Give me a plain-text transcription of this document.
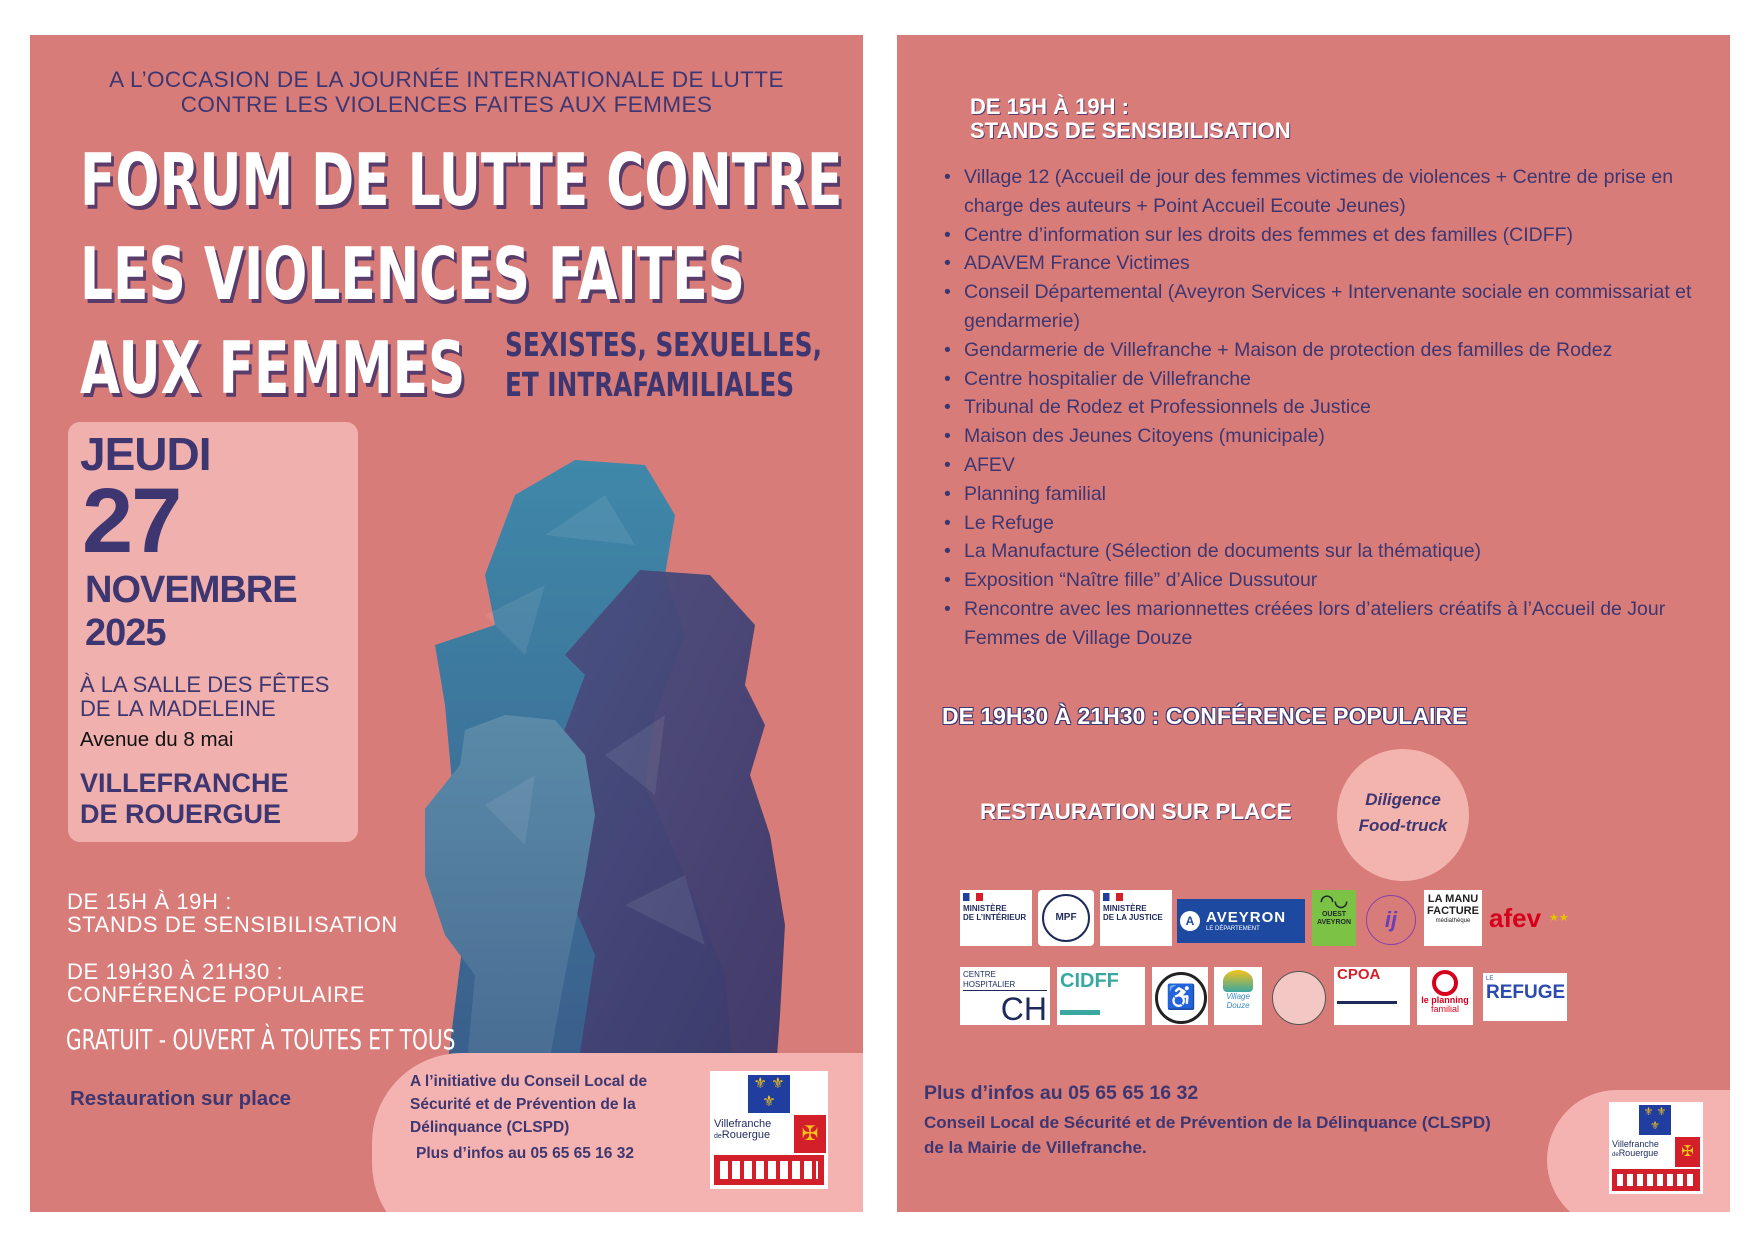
A L’OCCASION DE LA JOURNÉE INTERNATIONALE DE LUTTE
CONTRE LES VIOLENCES FAITES AUX FEMMES
FORUM DE LUTTE CONTRE
LES VIOLENCES FAITES
AUX FEMMES	SEXISTES, SEXUELLES,
ET INTRAFAMILIALES
JEUDI
27
NOVEMBRE
2025
À LA SALLE DES FÊTES
DE LA MADELEINE
Avenue du 8 mai
VILLEFRANCHE
DE ROUERGUE
DE 15H À 19H :
STANDS DE SENSIBILISATION
DE 19H30 À 21H30 :
CONFÉRENCE POPULAIRE
GRATUIT - OUVERT À TOUTES ET TOUS
Restauration sur place
A l’initiative du Conseil Local de Sécurité et de Prévention de la Délinquance (CLSPD)
Plus d’infos au 05 65 65 16 32
⚜ ⚜
⚜
✠
Villefranche
deRouergue
DE 15H À 19H :
STANDS DE SENSIBILISATION
• Village 12 (Accueil de jour des femmes victimes de violences + Centre de prise en charge des auteurs + Point Accueil Ecoute Jeunes)
• Centre d’information sur les droits des femmes et des familles (CIDFF)
• ADAVEM France Victimes
• Conseil Départemental (Aveyron Services + Intervenante sociale en commissariat et gendarmerie)
• Gendarmerie de Villefranche + Maison de protection des familles de Rodez
• Centre hospitalier de Villefranche
• Tribunal de Rodez et Professionnels de Justice
• Maison des Jeunes Citoyens (municipale)
• AFEV
• Planning familial
• Le Refuge
• La Manufacture (Sélection de documents sur la thématique)
• Exposition “Naître fille” d’Alice Dussutour
• Rencontre avec les marionnettes créées lors d’ateliers créatifs à l’Accueil de Jour Femmes de Village Douze
DE 19H30 À 21H30 : CONFÉRENCE POPULAIRE
RESTAURATION SUR PLACE	Diligence
Food-truck
MINISTÈRE
DE L’INTÉRIEUR	MPF
MINISTÈRE
DE LA JUSTICE	A AVEYRON
LE DÉPARTEMENT
◠◡
OUEST
AVEYRON	ij
LA MANU
FACTURE
médiathèque afev ★★
CENTRE HOSPITALIER
CH
CIDFF
♿	Village
Douze
CPOA
le planning
familial
LE
REFUGE
Plus d’infos au 05 65 65 16 32
Conseil Local de Sécurité et de Prévention de la Délinquance (CLSPD)
de la Mairie de Villefranche.
⚜ ⚜
⚜
✠
Villefranche
deRouergue
